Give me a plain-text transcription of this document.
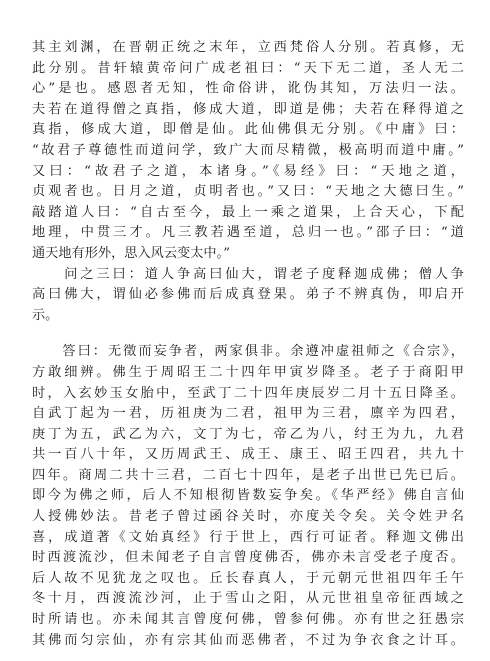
其主刘渊，在晋朝正统之末年，立西梵俗人分别。若真修，无
此分别。昔轩辕黄帝问广成老祖曰：“天下无二道，圣人无二
心”是也。感恩者无知，性命俗讲，讹伪其知，万法归一法。
夫若在道得僧之真指，修成大道，即道是佛；夫若在释得道之
真指，修成大道，即僧是仙。此仙佛俱无分别。《中庸》曰：
“故君子尊德性而道问学，致广大而尽精微，极高明而道中庸。”
又曰：“故君子之道，本诸身。”《易经》曰：“天地之道，
贞观者也。日月之道，贞明者也。”又曰：“天地之大德曰生。”
敲踏道人曰：“自古至今，最上一乘之道果，上合天心，下配
地理，中贯三才。凡三教若遇至道，总归一也。”邵子曰：“道
通天地有形外，思入风云变太中。”
　　问之三曰：道人争高曰仙大，谓老子度释迦成佛；僧人争
高曰佛大，谓仙必参佛而后成真登果。弟子不辨真伪，叩启开
示。
　　答曰：无徵而妄争者，两家俱非。余遵冲虚祖师之《合宗》，
方敢细辨。佛生于周昭王二十四年甲寅岁降圣。老子于商阳甲
时，入玄妙玉女胎中，至武丁二十四年庚辰岁二月十五日降圣。
自武丁起为一君，历祖庚为二君，祖甲为三君，廪辛为四君，
庚丁为五，武乙为六，文丁为七，帝乙为八，纣王为九，九君
共一百八十年，又历周武王、成王、康王、昭王四君，共九十
四年。商周二共十三君，二百七十四年，是老子出世已先已后。
即今为佛之师，后人不知根彻皆数妄争矣。《华严经》佛自言仙
人授佛妙法。昔老子曾过函谷关时，亦度关令矣。关令姓尹名
喜，成道著《文始真经》行于世上，西行可证者。释迦文佛出
时西渡流沙，但未闻老子自言曾度佛否，佛亦未言受老子度否。
后人故不见犹龙之叹也。丘长春真人，于元朝元世祖四年壬午
冬十月，西渡流沙河，止于雪山之阳，从元世祖皇帝征西域之
时所请也。亦未闻其言曾度何佛，曾参何佛。亦有世之狂愚宗
其佛而匀宗仙，亦有宗其仙而恶佛者，不过为争衣食之计耳。
